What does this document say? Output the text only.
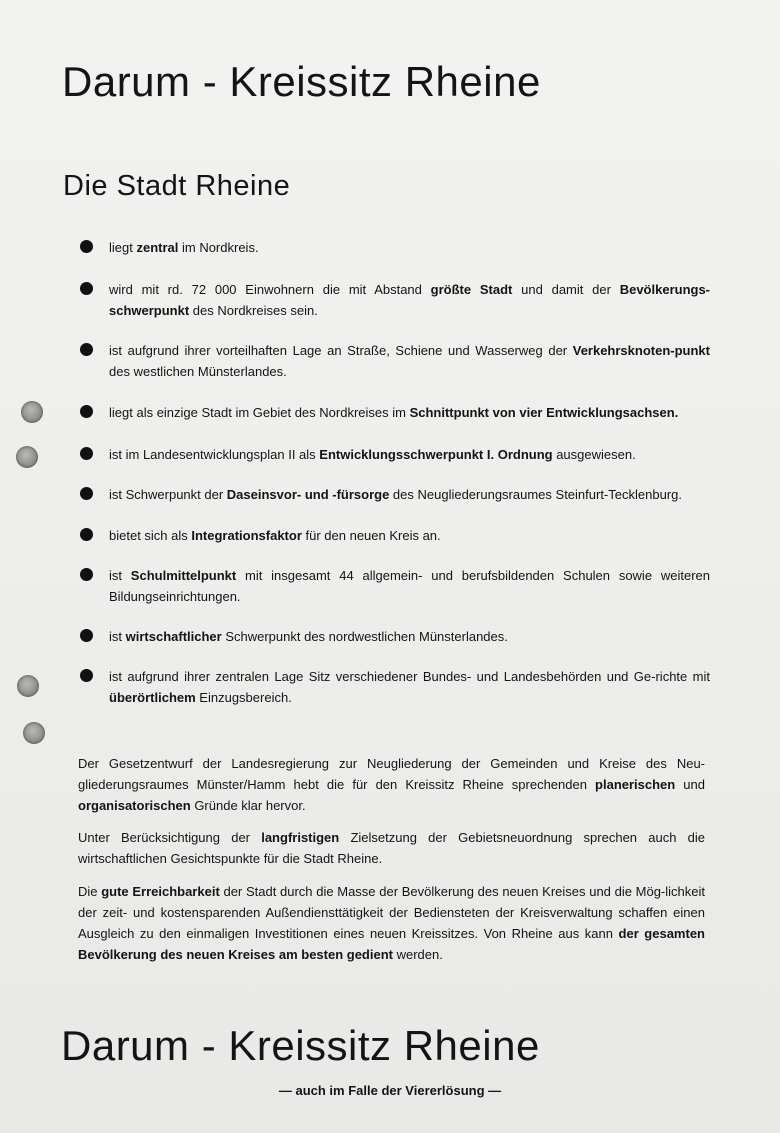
Darum - Kreissitz Rheine
Die Stadt Rheine
liegt zentral im Nordkreis.
wird mit rd. 72 000 Einwohnern die mit Abstand größte Stadt und damit der Bevölkerungs-schwerpunkt des Nordkreises sein.
ist aufgrund ihrer vorteilhaften Lage an Straße, Schiene und Wasserweg der Verkehrsknoten-punkt des westlichen Münsterlandes.
liegt als einzige Stadt im Gebiet des Nordkreises im Schnittpunkt von vier Entwicklungsachsen.
ist im Landesentwicklungsplan II als Entwicklungsschwerpunkt I. Ordnung ausgewiesen.
ist Schwerpunkt der Daseinsvor- und -fürsorge des Neugliederungsraumes Steinfurt-Tecklenburg.
bietet sich als Integrationsfaktor für den neuen Kreis an.
ist Schulmittelpunkt mit insgesamt 44 allgemein- und berufsbildenden Schulen sowie weiteren Bildungseinrichtungen.
ist wirtschaftlicher Schwerpunkt des nordwestlichen Münsterlandes.
ist aufgrund ihrer zentralen Lage Sitz verschiedener Bundes- und Landesbehörden und Ge-richte mit überörtlichem Einzugsbereich.

Der Gesetzentwurf der Landesregierung zur Neugliederung der Gemeinden und Kreise des Neu-gliederungsraumes Münster/Hamm hebt die für den Kreissitz Rheine sprechenden planerischen und organisatorischen Gründe klar hervor.

Unter Berücksichtigung der langfristigen Zielsetzung der Gebietsneuordnung sprechen auch die wirtschaftlichen Gesichtspunkte für die Stadt Rheine.

Die gute Erreichbarkeit der Stadt durch die Masse der Bevölkerung des neuen Kreises und die Mög-lichkeit der zeit- und kostensparenden Außendiensttätigkeit der Bediensteten der Kreisverwaltung schaffen einen Ausgleich zu den einmaligen Investitionen eines neuen Kreissitzes. Von Rheine aus kann der gesamten Bevölkerung des neuen Kreises am besten gedient werden.

Darum - Kreissitz Rheine
— auch im Falle der Viererlösung —
